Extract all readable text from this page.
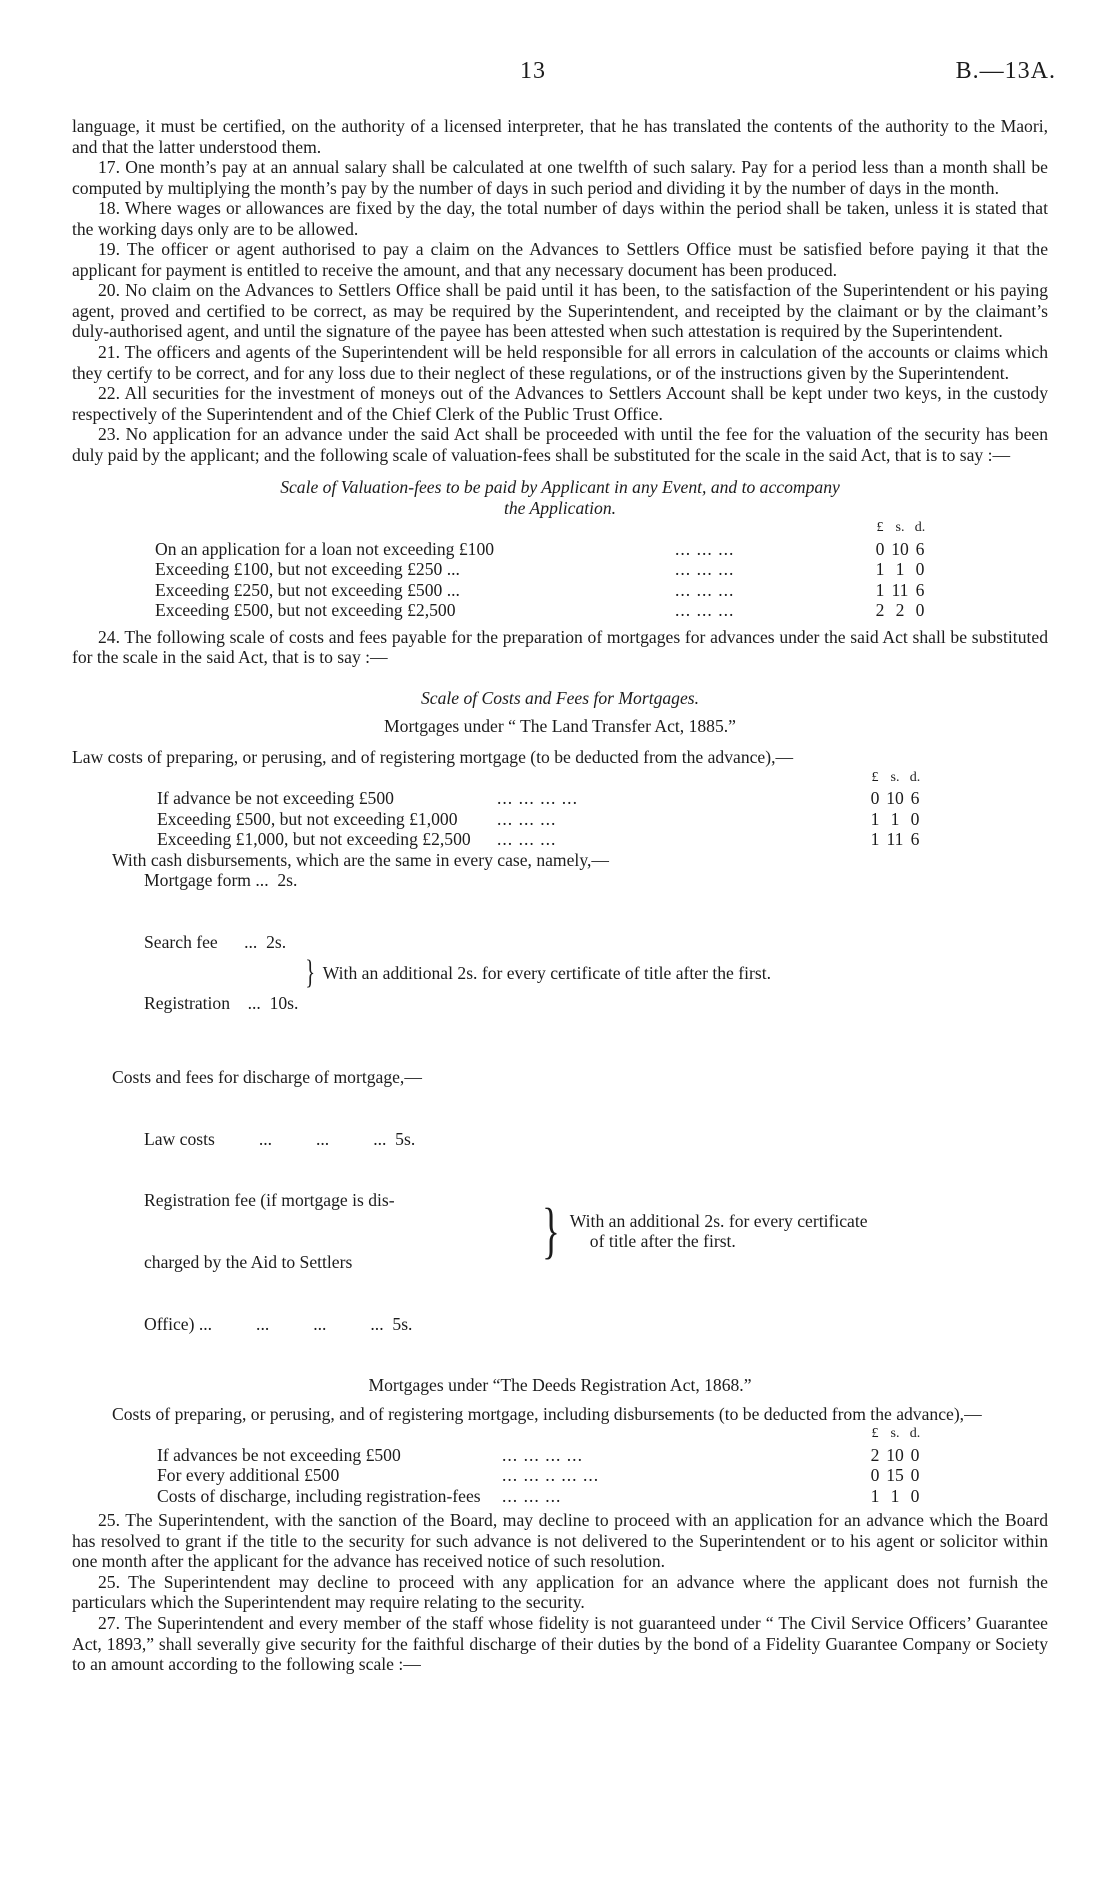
13	B.—13A.

language, it must be certified, on the authority of a licensed interpreter, that he has translated the contents of the authority to the Maori, and that the latter understood them.

17. One month’s pay at an annual salary shall be calculated at one twelfth of such salary. Pay for a period less than a month shall be computed by multiplying the month’s pay by the number of days in such period and dividing it by the number of days in the month.

18. Where wages or allowances are fixed by the day, the total number of days within the period shall be taken, unless it is stated that the working days only are to be allowed.

19. The officer or agent authorised to pay a claim on the Advances to Settlers Office must be satisfied before paying it that the applicant for payment is entitled to receive the amount, and that any necessary document has been produced.

20. No claim on the Advances to Settlers Office shall be paid until it has been, to the satisfaction of the Superintendent or his paying agent, proved and certified to be correct, as may be required by the Superintendent, and receipted by the claimant or by the claimant’s duly-authorised agent, and until the signature of the payee has been attested when such attestation is required by the Superintendent.

21. The officers and agents of the Superintendent will be held responsible for all errors in calculation of the accounts or claims which they certify to be correct, and for any loss due to their neglect of these regulations, or of the instructions given by the Superintendent.

22. All securities for the investment of moneys out of the Advances to Settlers Account shall be kept under two keys, in the custody respectively of the Superintendent and of the Chief Clerk of the Public Trust Office.

23. No application for an advance under the said Act shall be proceeded with until the fee for the valuation of the security has been duly paid by the applicant; and the following scale of valuation-fees shall be substituted for the scale in the said Act, that is to say :—

Scale of Valuation-fees to be paid by Applicant in any Event, and to accompany
the Application.
		£ s. d.
On an application for a loan not exceeding £100	... ... ...		0 10 6
Exceeding £100, but not exceeding £250 ...	... ... ...		1 1 0
Exceeding £250, but not exceeding £500 ...	... ... ...		1 11 6
Exceeding £500, but not exceeding £2,500	... ... ...		2 2 0

24. The following scale of costs and fees payable for the preparation of mortgages for advances under the said Act shall be substituted for the scale in the said Act, that is to say :—

Scale of Costs and Fees for Mortgages.
Mortgages under “ The Land Transfer Act, 1885.”

Law costs of preparing, or perusing, and of registering mortgage (to be deducted from the advance),—

		£ s. d.
If advance be not exceeding £500	... ... ... ...		0 10 6
Exceeding £500, but not exceeding £1,000	... ... ...		1 1 0
Exceeding £1,000, but not exceeding £2,500	... ... ...		1 11 6
With cash disbursements, which are the same in every case, namely,—
Mortgage form ...  2s.

Search fee      ...  2s.

Registration    ...  10s.

} With an additional 2s. for every certificate of title after the first.
Costs and fees for discharge of mortgage,—

Law costs          ...          ...          ...  5s.

Registration fee (if mortgage is dis-

charged by the Aid to Settlers

Office) ...          ...          ...          ...  5s.

} With an additional 2s. for every certificate
of title after the first.
Mortgages under “The Deeds Registration Act, 1868.”

Costs of preparing, or perusing, and of registering mortgage, including disbursements (to be deducted from the advance),—

		£ s. d.
If advances be not exceeding £500	... ... ... ...		2 10 0
For every additional £500	... ... .. ... ...		0 15 0
Costs of discharge, including registration-fees	... ... ...		1 1 0

25. The Superintendent, with the sanction of the Board, may decline to proceed with an application for an advance which the Board has resolved to grant if the title to the security for such advance is not delivered to the Superintendent or to his agent or solicitor within one month after the applicant for the advance has received notice of such resolution.

25. The Superintendent may decline to proceed with any application for an advance where the applicant does not furnish the particulars which the Superintendent may require relating to the security.

27. The Superintendent and every member of the staff whose fidelity is not guaranteed under “ The Civil Service Officers’ Guarantee Act, 1893,” shall severally give security for the faithful discharge of their duties by the bond of a Fidelity Guarantee Company or Society to an amount according to the following scale :—
